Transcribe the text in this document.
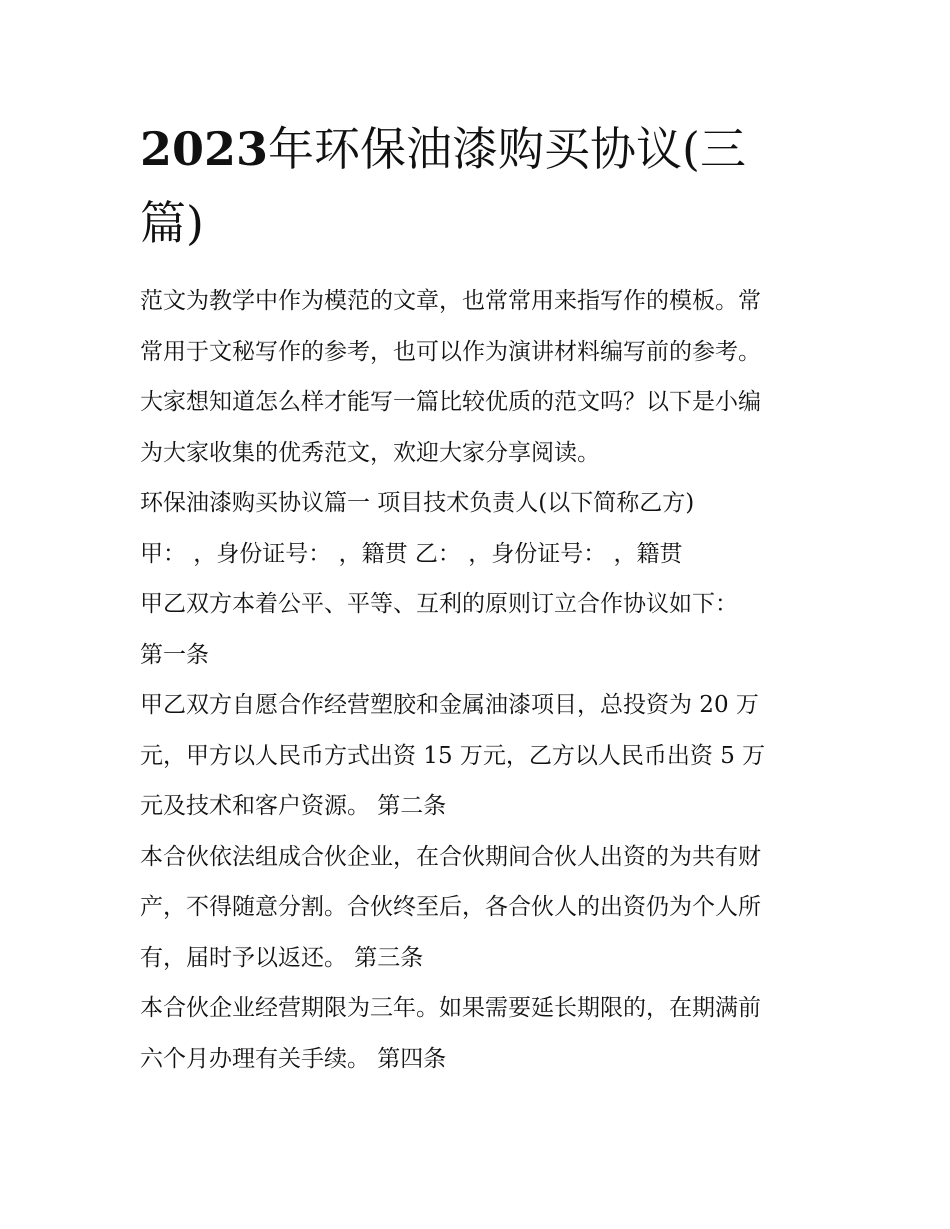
2023年环保油漆购买协议(三
篇)

范文为教学中作为模范的文章，也常常用来指写作的模板。常

常用于文秘写作的参考，也可以作为演讲材料编写前的参考。

大家想知道怎么样才能写一篇比较优质的范文吗？以下是小编

为大家收集的优秀范文，欢迎大家分享阅读。

环保油漆购买协议篇一 项目技术负责人(以下简称乙方)

甲： ，身份证号： ，籍贯 乙： ，身份证号： ，籍贯

甲乙双方本着公平、平等、互利的原则订立合作协议如下：

第一条

甲乙双方自愿合作经营塑胶和金属油漆项目，总投资为 20 万

元，甲方以人民币方式出资 15 万元，乙方以人民币出资 5 万

元及技术和客户资源。 第二条

本合伙依法组成合伙企业，在合伙期间合伙人出资的为共有财

产，不得随意分割。合伙终至后，各合伙人的出资仍为个人所

有，届时予以返还。 第三条

本合伙企业经营期限为三年。如果需要延长期限的，在期满前

六个月办理有关手续。 第四条
